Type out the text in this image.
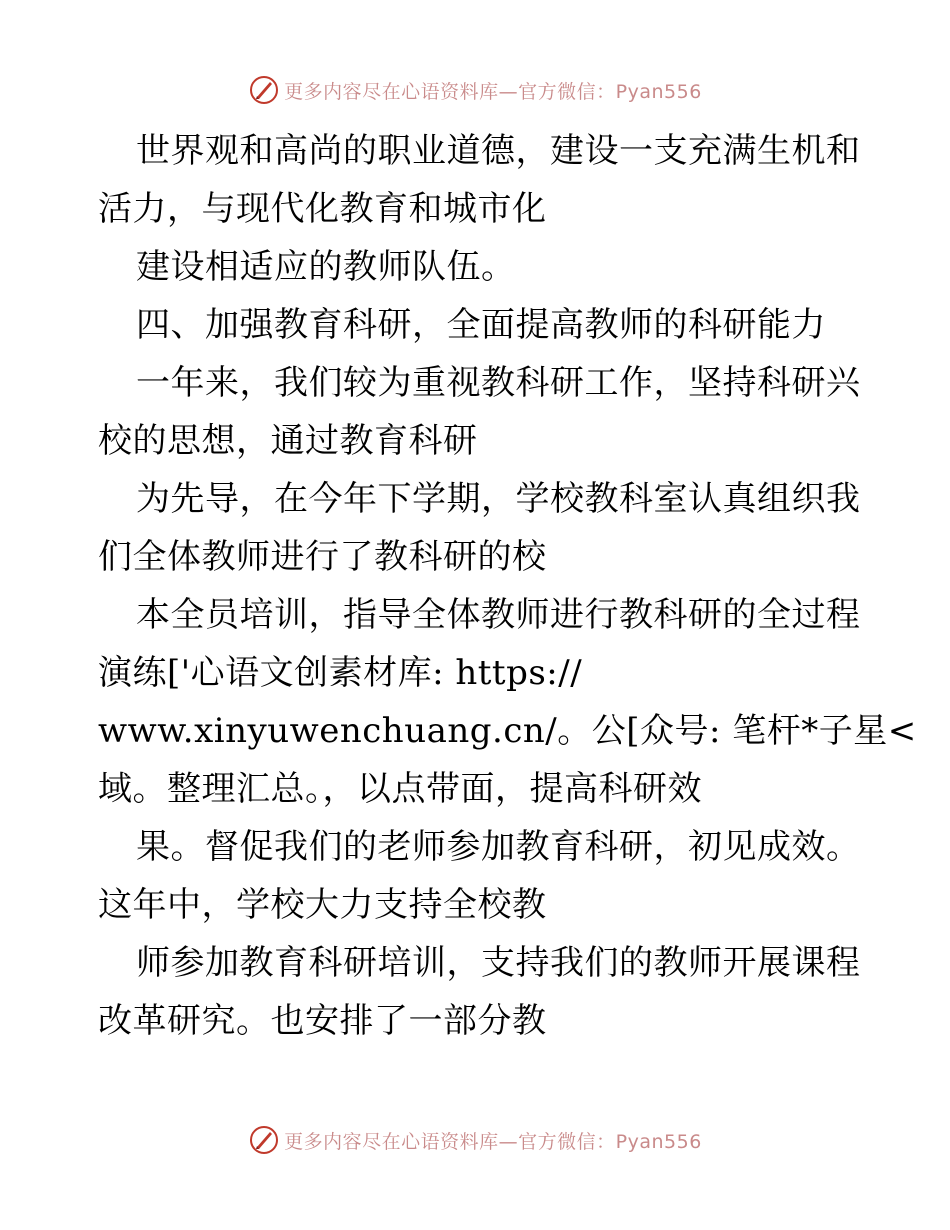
更多内容尽在心语资料库—官方微信：Pyan556
世界观和高尚的职业道德，建设一支充满生机和
活力，与现代化教育和城市化
建设相适应的教师队伍。
四、加强教育科研，全面提高教师的科研能力
一年来，我们较为重视教科研工作，坚持科研兴
校的思想，通过教育科研
为先导，在今年下学期，学校教科室认真组织我
们全体教师进行了教科研的校
本全员培训，指导全体教师进行教科研的全过程
演练['心语文创素材库: https://
www.xinyuwenchuang.cn/。公[众号: 笔杆*子星<
域。整理汇总。，以点带面，提高科研效
果。督促我们的老师参加教育科研，初见成效。
这年中，学校大力支持全校教
师参加教育科研培训，支持我们的教师开展课程
改革研究。也安排了一部分教
更多内容尽在心语资料库—官方微信：Pyan556
